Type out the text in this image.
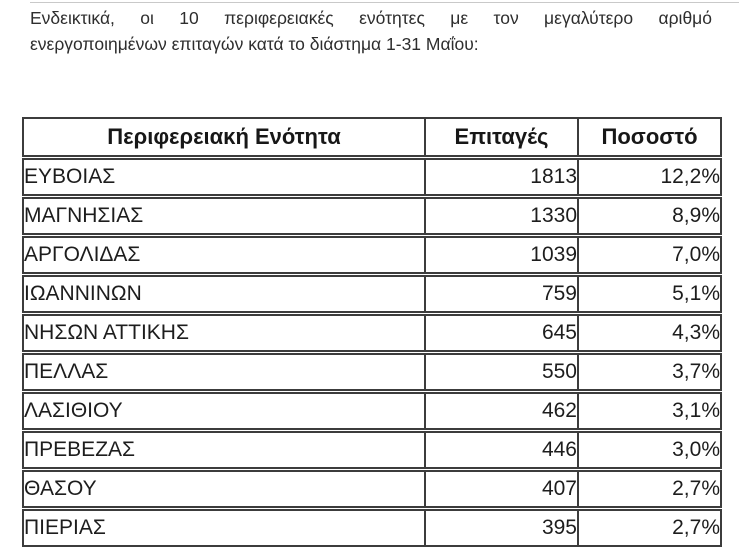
Ενδεικτικά, οι 10 περιφερειακές ενότητες με τον μεγαλύτερο αριθμό
ενεργοποιημένων επιταγών κατά το διάστημα 1-31 Μαΐου:
Περιφερειακή Ενότητα	Επιταγές	Ποσοστό
ΕΥΒΟΙΑΣ	1813	12,2%
ΜΑΓΝΗΣΙΑΣ	1330	8,9%
ΑΡΓΟΛΙΔΑΣ	1039	7,0%
ΙΩΑΝΝΙΝΩΝ	759	5,1%
ΝΗΣΩΝ ΑΤΤΙΚΗΣ	645	4,3%
ΠΕΛΛΑΣ	550	3,7%
ΛΑΣΙΘΙΟΥ	462	3,1%
ΠΡΕΒΕΖΑΣ	446	3,0%
ΘΑΣΟΥ	407	2,7%
ΠΙΕΡΙΑΣ	395	2,7%
